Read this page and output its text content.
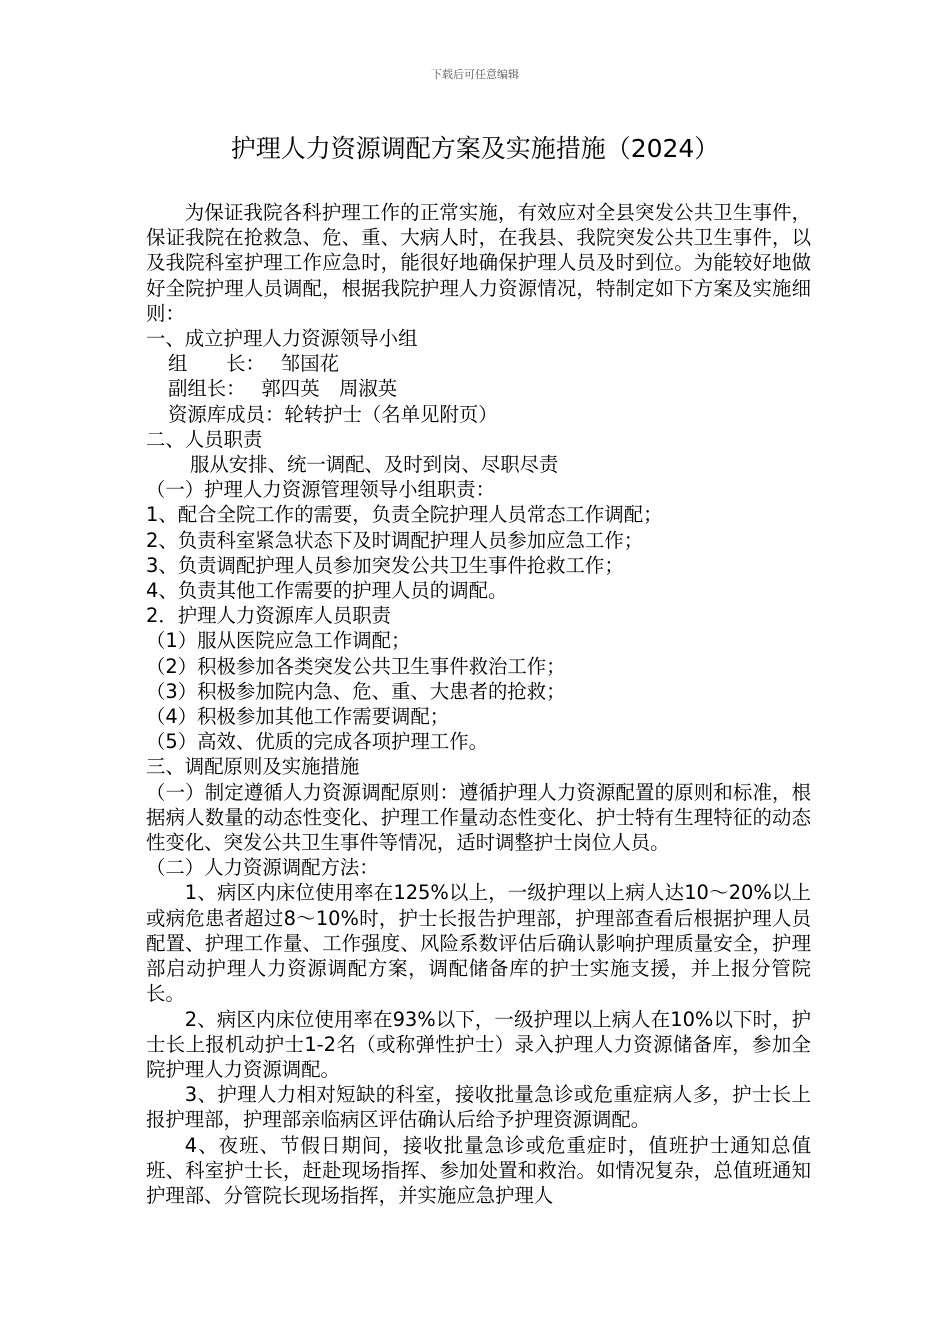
下载后可任意编辑
护理人力资源调配方案及实施措施（2024）

为保证我院各科护理工作的正常实施，有效应对全县突发公共卫生事件，保证我院在抢救急、危、重、大病人时，在我县、我院突发公共卫生事件，以及我院科室护理工作应急时，能很好地确保护理人员及时到位。为能较好地做好全院护理人员调配，根据我院护理人力资源情况，特制定如下方案及实施细则：

一、成立护理人力资源领导小组

组　　长：　 邹国花

副组长：　 郭四英　周淑英

资源库成员：轮转护士（名单见附页）

二、人员职责

服从安排、统一调配、及时到岗、尽职尽责

（一）护理人力资源管理领导小组职责：

1、配合全院工作的需要，负责全院护理人员常态工作调配；

2、负责科室紧急状态下及时调配护理人员参加应急工作；

3、负责调配护理人员参加突发公共卫生事件抢救工作；

4、负责其他工作需要的护理人员的调配。

2．护理人力资源库人员职责

（1）服从医院应急工作调配；

（2）积极参加各类突发公共卫生事件救治工作；

（3）积极参加院内急、危、重、大患者的抢救；

（4）积极参加其他工作需要调配；

（5）高效、优质的完成各项护理工作。

三、调配原则及实施措施

（一）制定遵循人力资源调配原则：遵循护理人力资源配置的原则和标准，根据病人数量的动态性变化、护理工作量动态性变化、护士特有生理特征的动态性变化、突发公共卫生事件等情况，适时调整护士岗位人员。

（二）人力资源调配方法：

1、病区内床位使用率在125%以上，一级护理以上病人达10～20%以上或病危患者超过8～10%时，护士长报告护理部，护理部查看后根据护理人员配置、护理工作量、工作强度、风险系数评估后确认影响护理质量安全，护理部启动护理人力资源调配方案，调配储备库的护士实施支援，并上报分管院长。

2、病区内床位使用率在93%以下，一级护理以上病人在10%以下时，护士长上报机动护士1-2名（或称弹性护士）录入护理人力资源储备库，参加全院护理人力资源调配。

3、护理人力相对短缺的科室，接收批量急诊或危重症病人多，护士长上报护理部，护理部亲临病区评估确认后给予护理资源调配。

4、夜班、节假日期间，接收批量急诊或危重症时，值班护士通知总值班、科室护士长，赶赴现场指挥、参加处置和救治。如情况复杂，总值班通知护理部、分管院长现场指挥，并实施应急护理人
